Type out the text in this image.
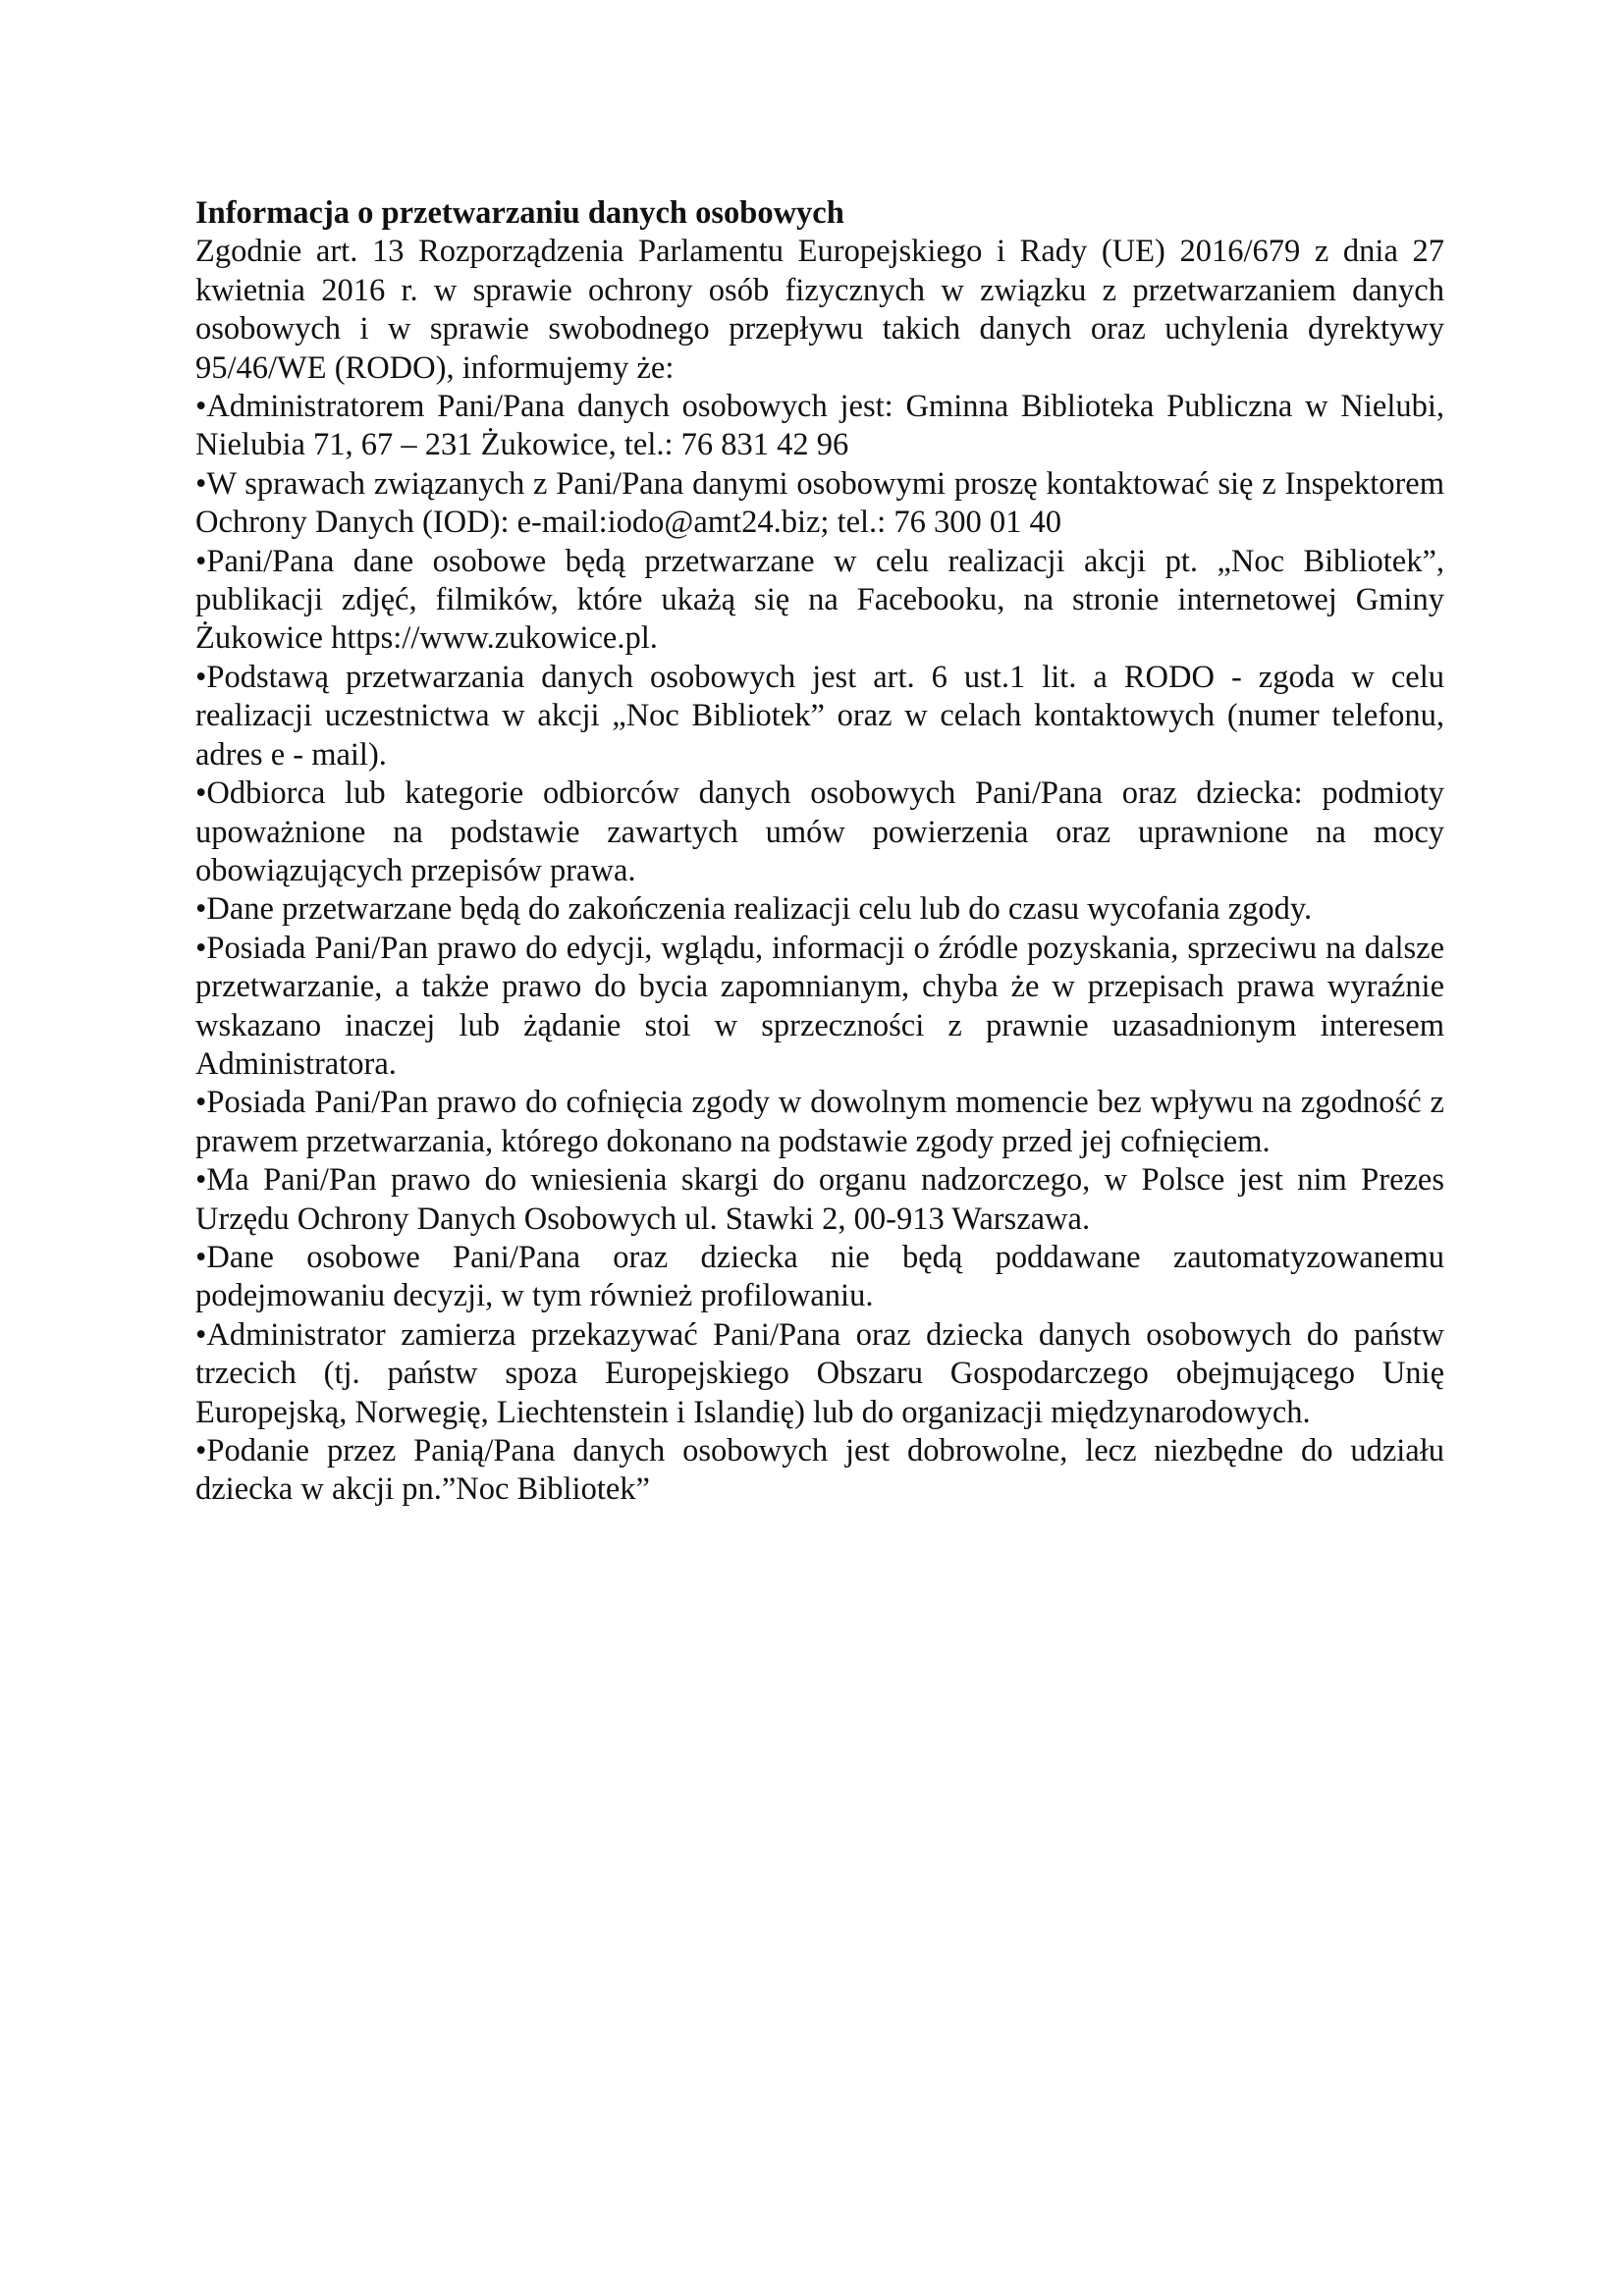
Informacja o przetwarzaniu danych osobowych

Zgodnie art. 13 Rozporządzenia Parlamentu Europejskiego i Rady (UE) 2016/679 z dnia 27 kwietnia 2016 r. w sprawie ochrony osób fizycznych w związku z przetwarzaniem danych osobowych i w sprawie swobodnego przepływu takich danych oraz uchylenia dyrektywy 95/46/WE (RODO), informujemy że:

•Administratorem Pani/Pana danych osobowych jest: Gminna Biblioteka Publiczna w Nielubi, Nielubia 71, 67 – 231 Żukowice, tel.: 76 831 42 96

•W sprawach związanych z Pani/Pana danymi osobowymi proszę kontaktować się z Inspektorem Ochrony Danych (IOD): e-mail:iodo@amt24.biz; tel.: 76 300 01 40

•Pani/Pana dane osobowe będą przetwarzane w celu realizacji akcji pt. „Noc Bibliotek”, publikacji zdjęć, filmików, które ukażą się na Facebooku, na stronie internetowej Gminy Żukowice https://www.zukowice.pl.

•Podstawą przetwarzania danych osobowych jest art. 6 ust.1 lit. a RODO - zgoda w celu realizacji uczestnictwa w akcji „Noc Bibliotek” oraz w celach kontaktowych (numer telefonu, adres e - mail).

•Odbiorca lub kategorie odbiorców danych osobowych Pani/Pana oraz dziecka: podmioty upoważnione na podstawie zawartych umów powierzenia oraz uprawnione na mocy obowiązujących przepisów prawa.

•Dane przetwarzane będą do zakończenia realizacji celu lub do czasu wycofania zgody.

•Posiada Pani/Pan prawo do edycji, wglądu, informacji o źródle pozyskania, sprzeciwu na dalsze przetwarzanie, a także prawo do bycia zapomnianym, chyba że w przepisach prawa wyraźnie wskazano inaczej lub żądanie stoi w sprzeczności z prawnie uzasadnionym interesem Administratora.

•Posiada Pani/Pan prawo do cofnięcia zgody w dowolnym momencie bez wpływu na zgodność z prawem przetwarzania, którego dokonano na podstawie zgody przed jej cofnięciem.

•Ma Pani/Pan prawo do wniesienia skargi do organu nadzorczego, w Polsce jest nim Prezes Urzędu Ochrony Danych Osobowych ul. Stawki 2, 00-913 Warszawa.

•Dane osobowe Pani/Pana oraz dziecka nie będą poddawane zautomatyzowanemu podejmowaniu decyzji, w tym również profilowaniu.

•Administrator zamierza przekazywać Pani/Pana oraz dziecka danych osobowych do państw trzecich (tj. państw spoza Europejskiego Obszaru Gospodarczego obejmującego Unię Europejską, Norwegię, Liechtenstein i Islandię) lub do organizacji międzynarodowych.

•Podanie przez Panią/Pana danych osobowych jest dobrowolne, lecz niezbędne do udziału dziecka w akcji pn.”Noc Bibliotek”
